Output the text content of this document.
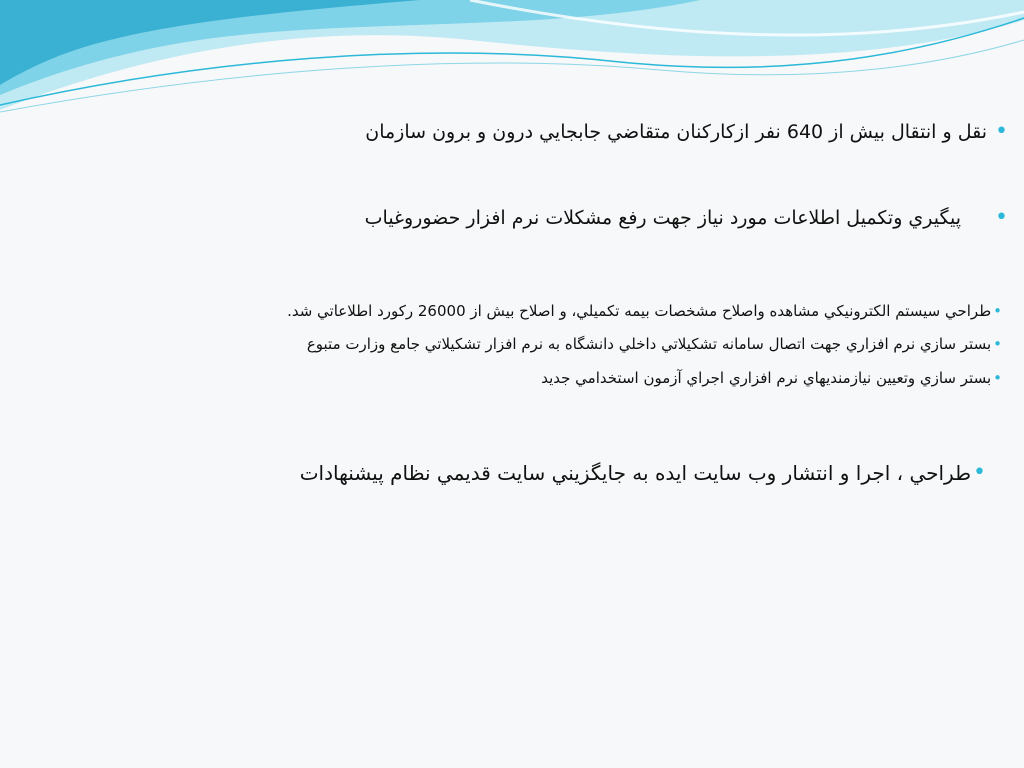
•
نقل و انتقال بيش از 640 نفر ازکارکنان متقاضي جابجايي درون و برون سازمان
•
پيگيري وتکميل اطلاعات مورد نياز جهت رفع مشکلات نرم افزار حضوروغياب
•
طراحي سيستم الكترونيكي مشاهده واصلاح مشخصات بيمه تكميلي، و اصلاح بيش از 26000 رکورد اطلاعاتي شد.
•
بستر سازي نرم افزاري جهت اتصال سامانه تشکيلاتي داخلي دانشگاه به نرم افزار تشکيلاتي جامع وزارت متبوع
•
بستر سازي وتعيين نيازمنديهاي نرم افزاري اجراي آزمون استخدامي جديد
•
طراحي ، اجرا و انتشار وب سايت ايده به جايگزيني سايت قديمي نظام پيشنهادات
